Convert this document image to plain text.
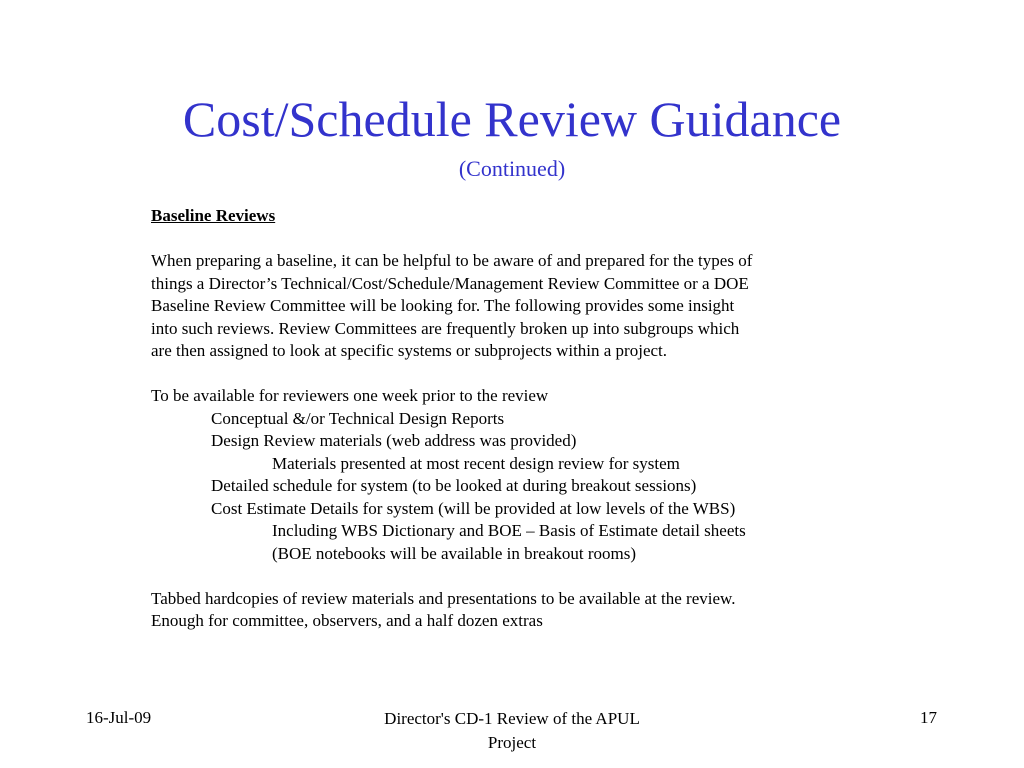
Cost/Schedule Review Guidance
(Continued)
Baseline Reviews
When preparing a baseline, it can be helpful to be aware of and prepared for the types of
things a Director’s Technical/Cost/Schedule/Management Review Committee or a DOE
Baseline Review Committee will be looking for. The following provides some insight
into such reviews. Review Committees are frequently broken up into subgroups which
are then assigned to look at specific systems or subprojects within a project.
To be available for reviewers one week prior to the review
Conceptual &/or Technical Design Reports
Design Review materials (web address was provided)
Materials presented at most recent design review for system
Detailed schedule for system (to be looked at during breakout sessions)
Cost Estimate Details for system (will be provided at low levels of the WBS)
Including WBS Dictionary and BOE – Basis of Estimate detail sheets
(BOE notebooks will be available in breakout rooms)
Tabbed hardcopies of review materials and presentations to be available at the review.
Enough for committee, observers, and a half dozen extras
16-Jul-09	Director's CD-1 Review of the APUL
Project
17
